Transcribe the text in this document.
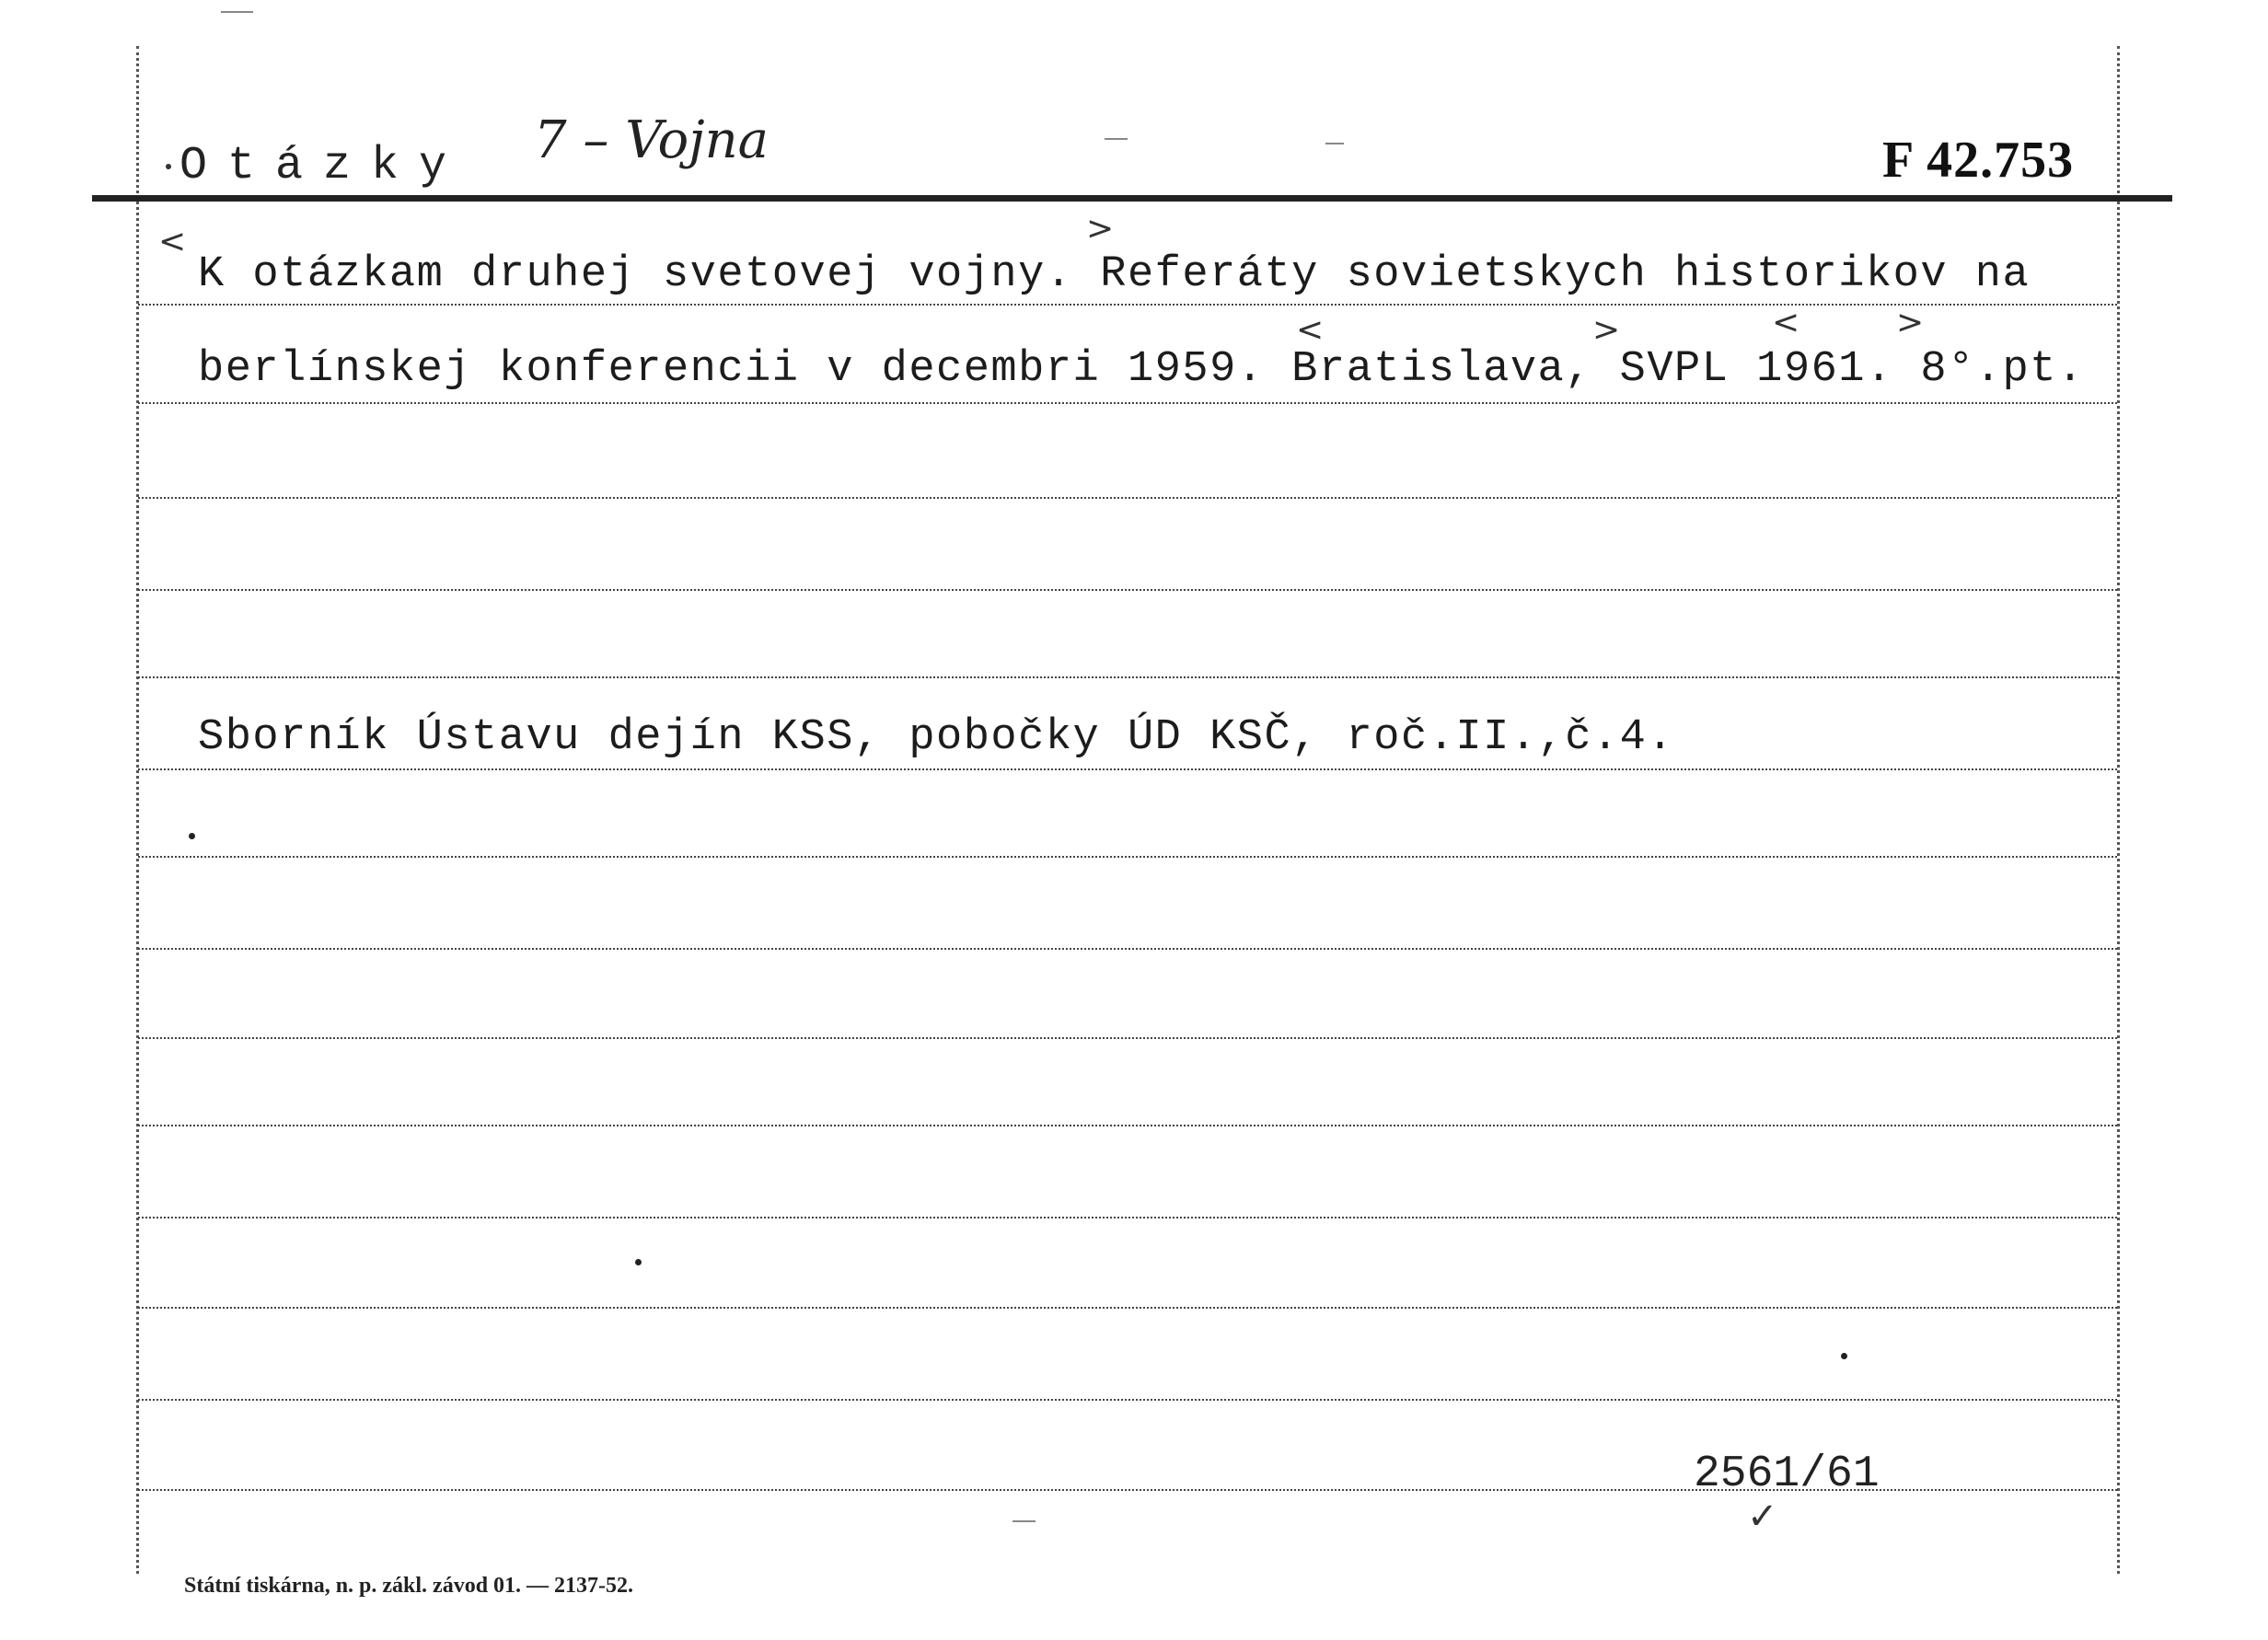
Otázky 7 – Vojna	F 42.753
K otázkam druhej svetovej vojny. Referáty sovietskych historikov na
berlínskej konferencii v decembri 1959. Bratislava, SVPL 1961. 8°.pt.
Sborník Ústavu dejín KSS, pobočky ÚD KSČ, roč.II.,č.4.
2561/61
✓
<	>
<	>	<	>
Státní tiskárna, n. p. zákl. závod 01. — 2137-52.
